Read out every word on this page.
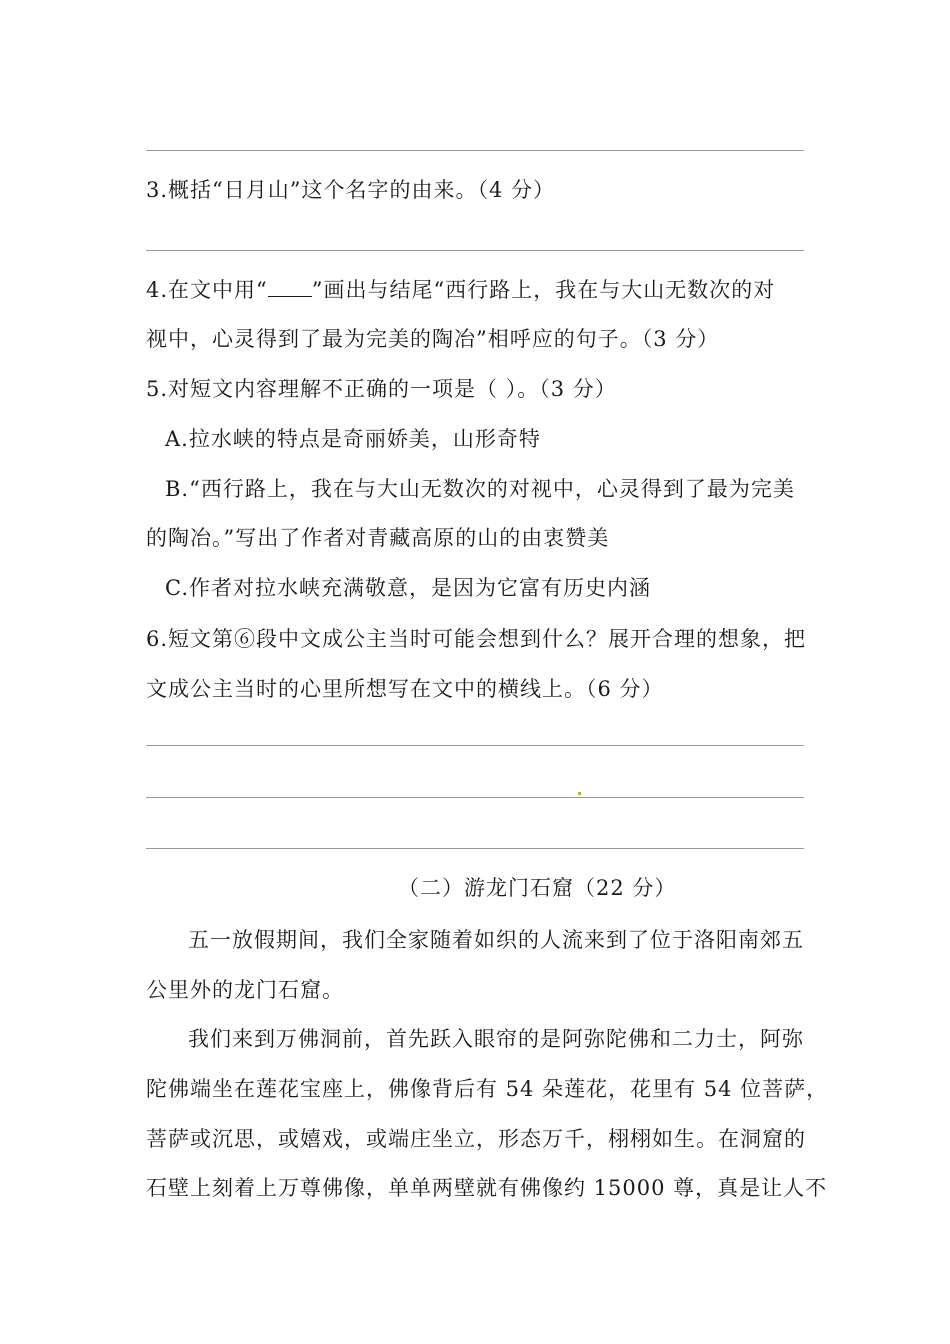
3.概括“日月山”这个名字的由来。（4 分）
4.在文中用“ ”画出与结尾“西行路上，我在与大山无数次的对
视中，心灵得到了最为完美的陶冶”相呼应的句子。（3 分）
5.对短文内容理解不正确的一项是（ ）。（3 分）
A.拉水峡的特点是奇丽娇美，山形奇特
B.“西行路上，我在与大山无数次的对视中，心灵得到了最为完美
的陶冶。”写出了作者对青藏高原的山的由衷赞美
C.作者对拉水峡充满敬意，是因为它富有历史内涵
6.短文第⑥段中文成公主当时可能会想到什么？展开合理的想象，把
文成公主当时的心里所想写在文中的横线上。（6 分）
（二）游龙门石窟（22 分）
五一放假期间，我们全家随着如织的人流来到了位于洛阳南郊五
公里外的龙门石窟。
我们来到万佛洞前，首先跃入眼帘的是阿弥陀佛和二力士，阿弥
陀佛端坐在莲花宝座上，佛像背后有 54 朵莲花，花里有 54 位菩萨，
菩萨或沉思，或嬉戏，或端庄坐立，形态万千，栩栩如生。在洞窟的
石壁上刻着上万尊佛像，单单两壁就有佛像约 15000 尊，真是让人不
